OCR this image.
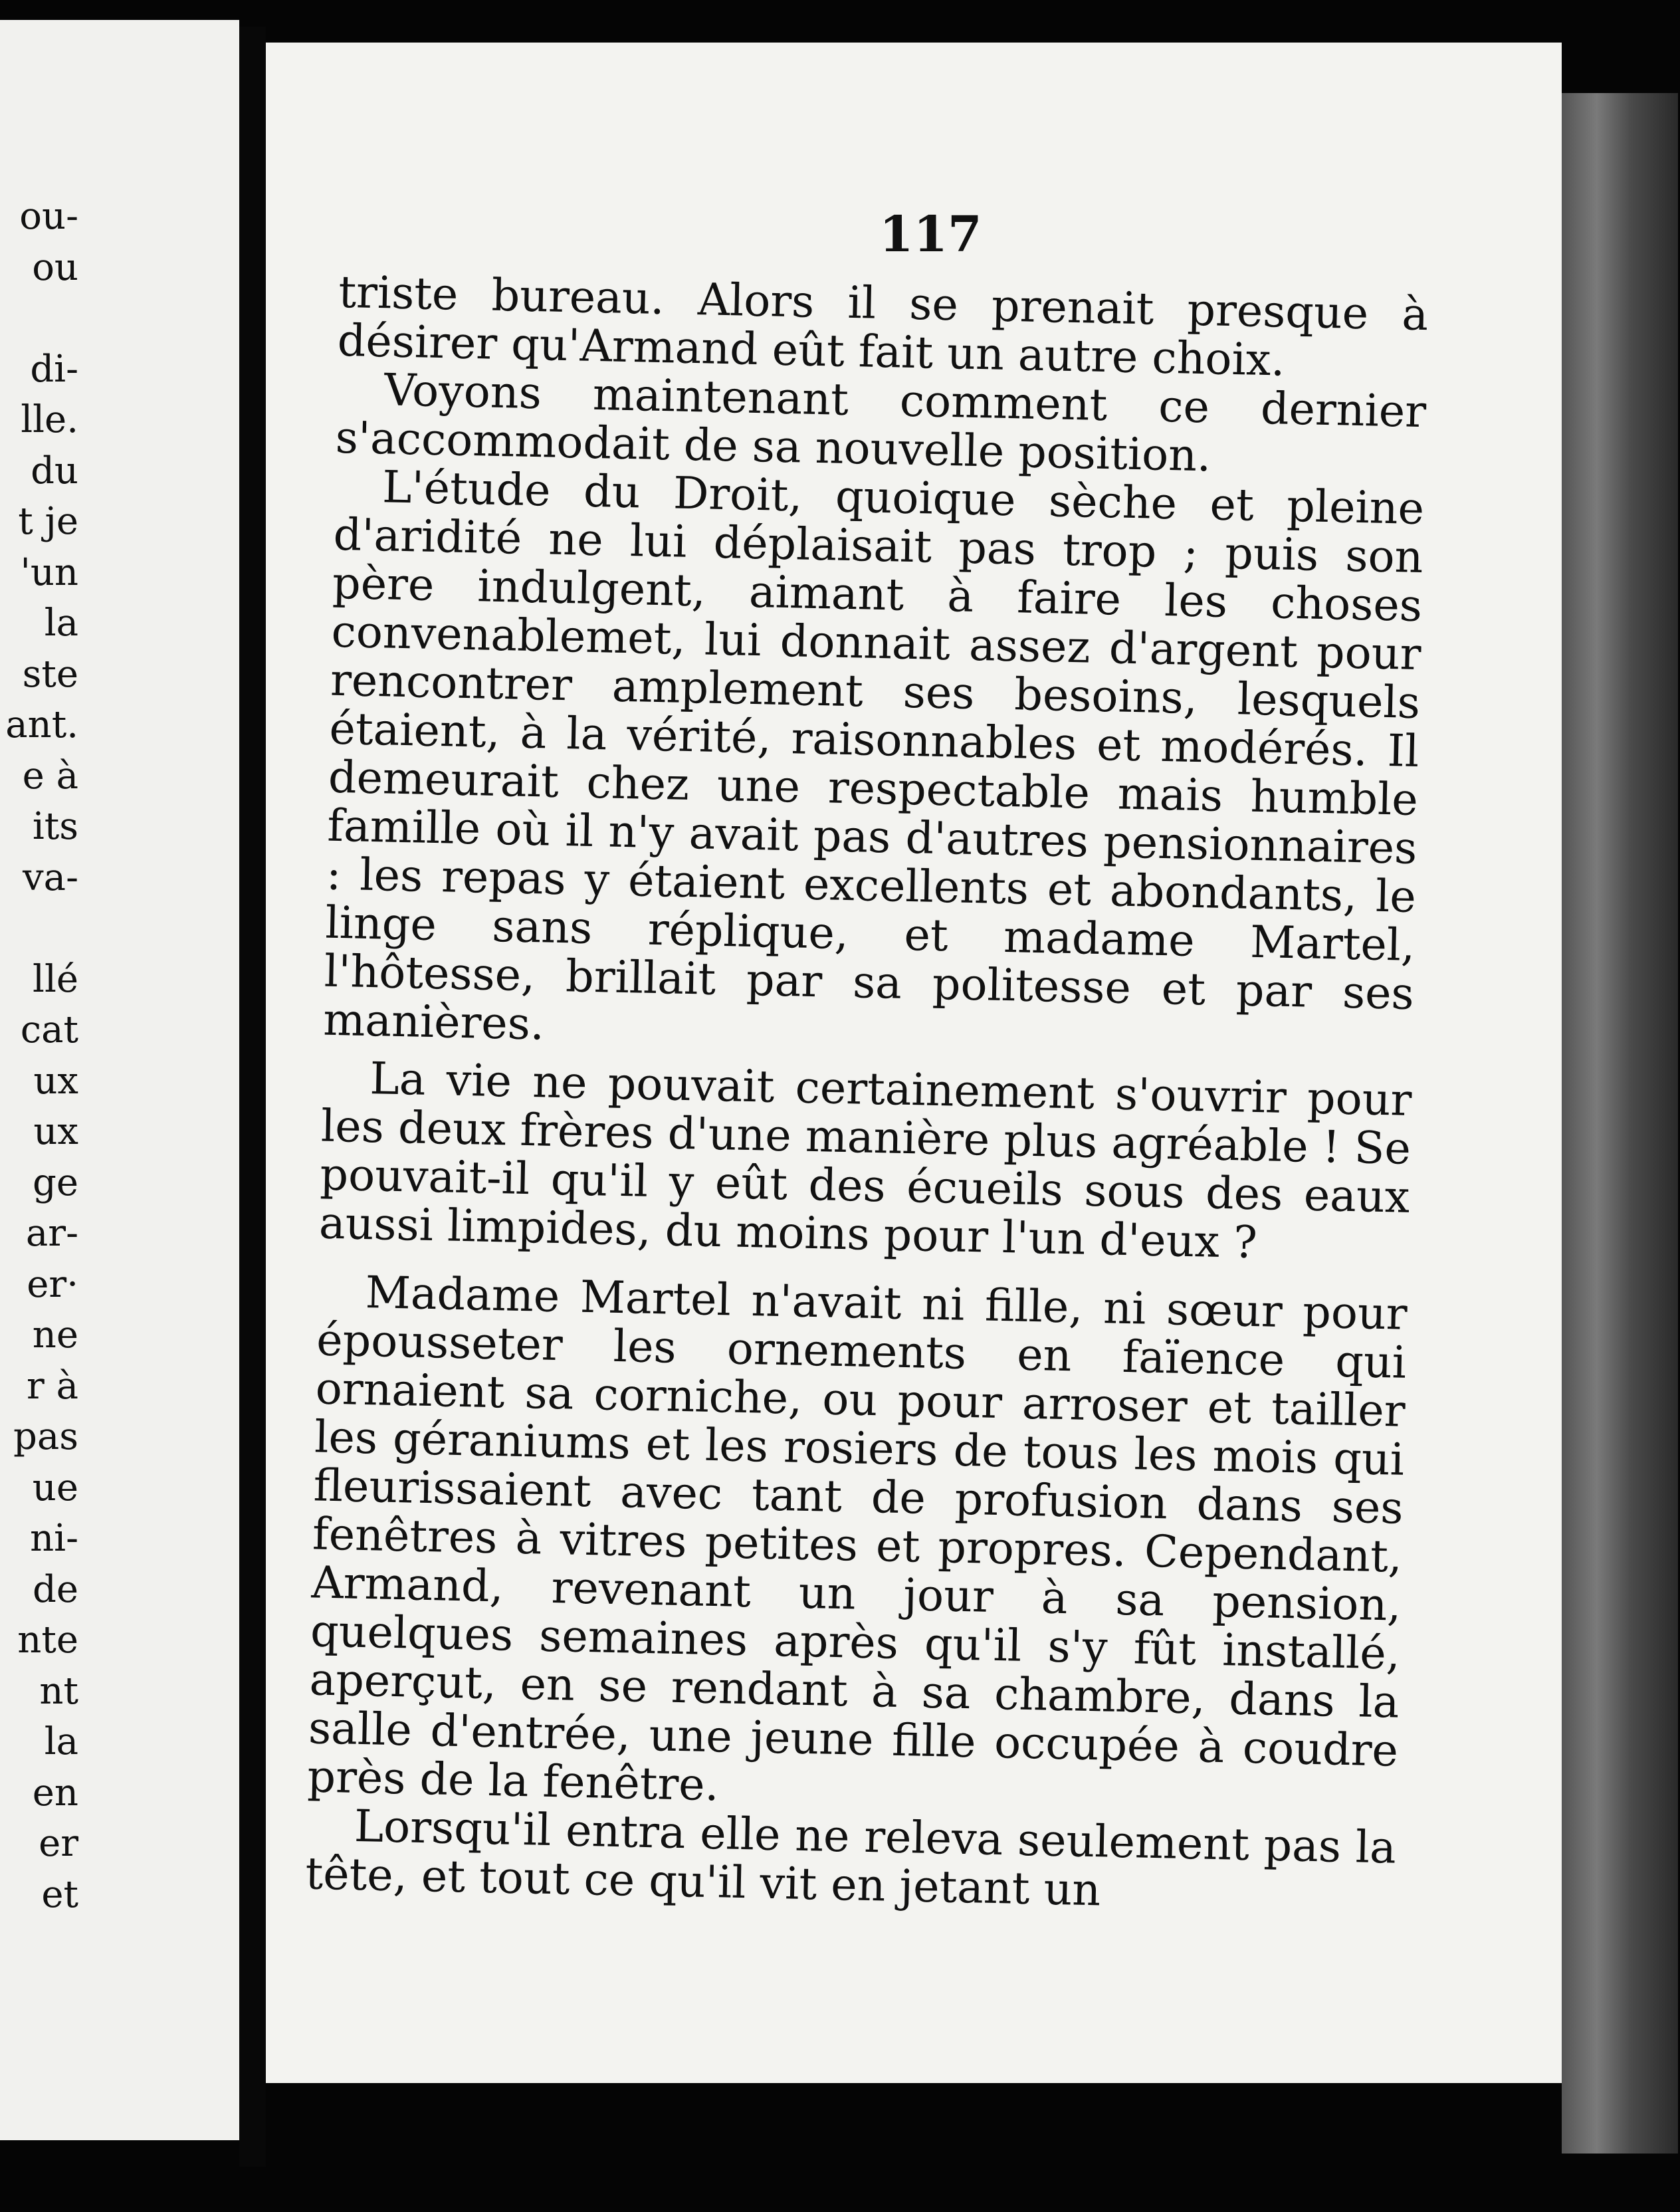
ou-
ou

di-
lle.
du
t je
'un
la
ste
ant.
e à
its
va-

llé
cat
ux
ux
ge
ar-
er·
ne
r à
pas
ue
ni-
de
nte
nt
la
en
er
et
117

triste bureau. Alors il se prenait presque à désirer qu'Armand eût fait un autre choix.

Voyons maintenant comment ce dernier s'accommodait de sa nouvelle position.

L'étude du Droit, quoique sèche et pleine d'aridité ne lui déplaisait pas trop ; puis son père indulgent, aimant à faire les choses convenablemet, lui donnait assez d'argent pour rencontrer amplement ses besoins, lesquels étaient, à la vérité, raisonnables et modérés. Il demeurait chez une respectable mais humble famille où il n'y avait pas d'autres pensionnaires : les repas y étaient excellents et abondants, le linge sans réplique, et madame Martel, l'hôtesse, brillait par sa politesse et par ses manières.

La vie ne pouvait certainement s'ouvrir pour les deux frères d'une manière plus agréable ! Se pouvait-il qu'il y eût des écueils sous des eaux aussi limpides, du moins pour l'un d'eux ?

Madame Martel n'avait ni fille, ni sœur pour épousseter les ornements en faïence qui ornaient sa corniche, ou pour arroser et tailler les géraniums et les rosiers de tous les mois qui fleurissaient avec tant de profusion dans ses fenêtres à vitres petites et propres. Cependant, Armand, revenant un jour à sa pension, quelques semaines après qu'il s'y fût installé, aperçut, en se rendant à sa chambre, dans la salle d'entrée, une jeune fille occupée à coudre près de la fenêtre.

Lorsqu'il entra elle ne releva seulement pas la tête, et tout ce qu'il vit en jetant un
